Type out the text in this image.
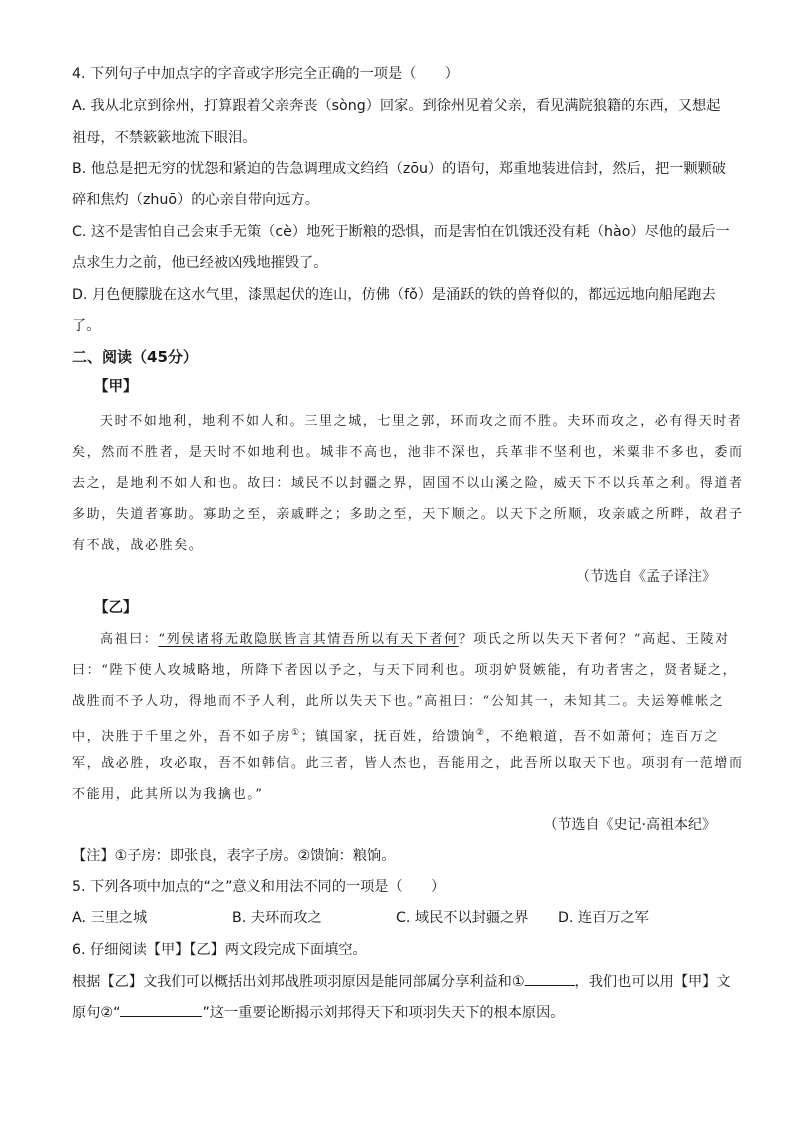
4. 下列句子中加点字的字音或字形完全正确的一项是（　　）
A. 我从北京到徐州，打算跟着父亲奔丧（sòng）回家。到徐州见着父亲，看见满院狼籍的东西，又想起
祖母，不禁簌簌地流下眼泪。
B. 他总是把无穷的忧怨和紧迫的告急调理成文绉绉（zōu）的语句，郑重地装进信封，然后，把一颗颗破
碎和焦灼（zhuō）的心亲自带向远方。
C. 这不是害怕自己会束手无策（cè）地死于断粮的恐惧，而是害怕在饥饿还没有耗（hào）尽他的最后一
点求生力之前，他已经被凶残地摧毁了。
D. 月色便朦胧在这水气里，漆黑起伏的连山，仿佛（fǒ）是涌跃的铁的兽脊似的，都远远地向船尾跑去
了。
二、阅读（45分）
【甲】
天时不如地利，地利不如人和。三里之城，七里之郭，环而攻之而不胜。夫环而攻之，必有得天时者
矣，然而不胜者，是天时不如地利也。城非不高也，池非不深也，兵革非不坚利也，米粟非不多也，委而
去之，是地利不如人和也。故曰：域民不以封疆之界，固国不以山溪之险，威天下不以兵革之利。得道者
多助，失道者寡助。寡助之至，亲戚畔之；多助之至，天下顺之。以天下之所顺，攻亲戚之所畔，故君子
有不战，战必胜矣。
（节选自《孟子译注》
【乙】
高祖曰：“列侯诸将无敢隐朕皆言其情吾所以有天下者何？项氏之所以失天下者何？”高起、王陵对
曰：“陛下使人攻城略地，所降下者因以予之，与天下同利也。项羽妒贤嫉能，有功者害之，贤者疑之，
战胜而不予人功，得地而不予人利，此所以失天下也。”高祖曰：“公知其一，未知其二。夫运筹帷帐之
中，决胜于千里之外，吾不如子房①；镇国家，抚百姓，给馈饷②，不绝粮道，吾不如萧何；连百万之
军，战必胜，攻必取，吾不如韩信。此三者，皆人杰也，吾能用之，此吾所以取天下也。项羽有一范增而
不能用，此其所以为我擒也。”
（节选自《史记·高祖本纪》
【注】①子房：即张良，表字子房。②馈饷：粮饷。
5. 下列各项中加点的“之”意义和用法不同的一项是（　　）
A. 三里之城	B. 夫环而攻之	C. 域民不以封疆之界 D. 连百万之军
6. 仔细阅读【甲】【乙】两文段完成下面填空。
根据【乙】文我们可以概括出刘邦战胜项羽原因是能同部属分享利益和①	，我们也可以用【甲】文
原句②“	”这一重要论断揭示刘邦得天下和项羽失天下的根本原因。
